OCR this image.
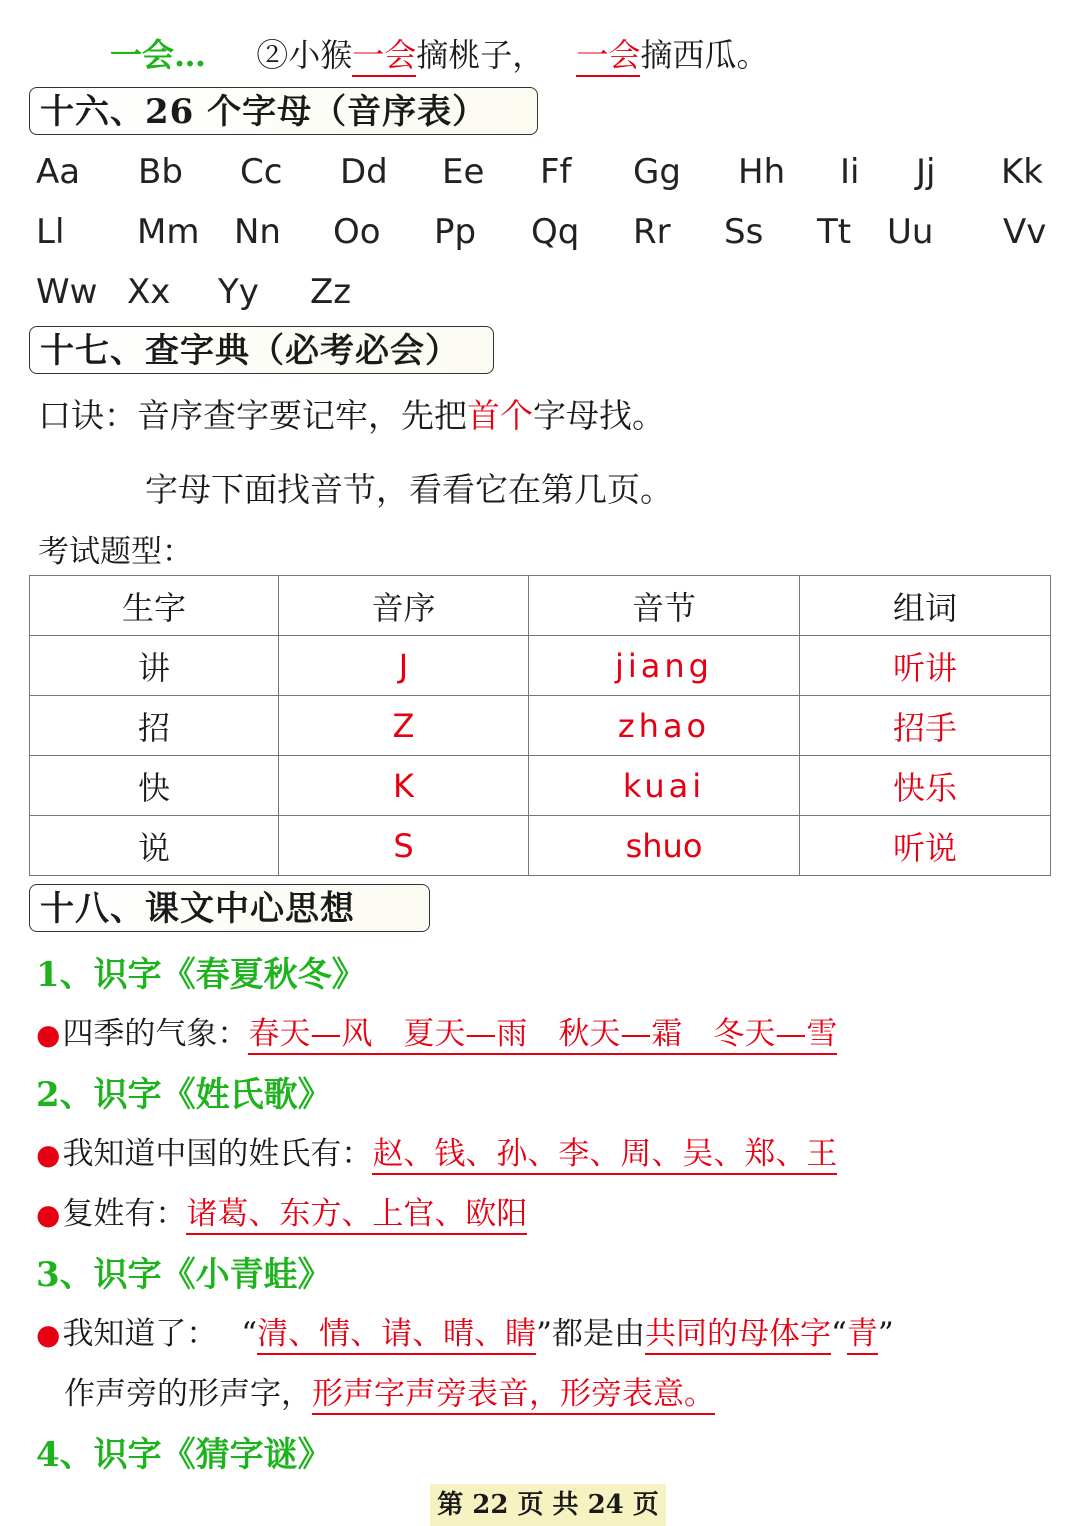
一会… ②小猴一会摘桃子， 一会摘西瓜。
十六、26 个字母（音序表）
Aa Bb Cc Dd Ee Ff Gg Hh Ii Jj Kk
Ll Mm Nn Oo Pp Qq Rr Ss Tt Uu Vv
Ww Xx Yy Zz
十七、查字典（必考必会）
口诀：音序查字要记牢，先把首个字母找。
字母下面找音节，看看它在第几页。
考试题型：
生字	音序	音节	组词
讲	J	jiang	听讲
招	Z	zhao	招手
快	K	kuai	快乐
说	S	shuo	听说
十八、课文中心思想
1、识字《春夏秋冬》
●四季的气象：春天—风　夏天—雨　秋天—霜　冬天—雪
2、识字《姓氏歌》
●我知道中国的姓氏有：赵、钱、孙、李、周、吴、郑、王
●复姓有：诸葛、东方、上官、欧阳
3、识字《小青蛙》
●我知道了： “清、情、请、晴、睛”都是由共同的母体字“青”
作声旁的形声字，形声字声旁表音，形旁表意。
4、识字《猜字谜》
第 22 页 共 24 页
